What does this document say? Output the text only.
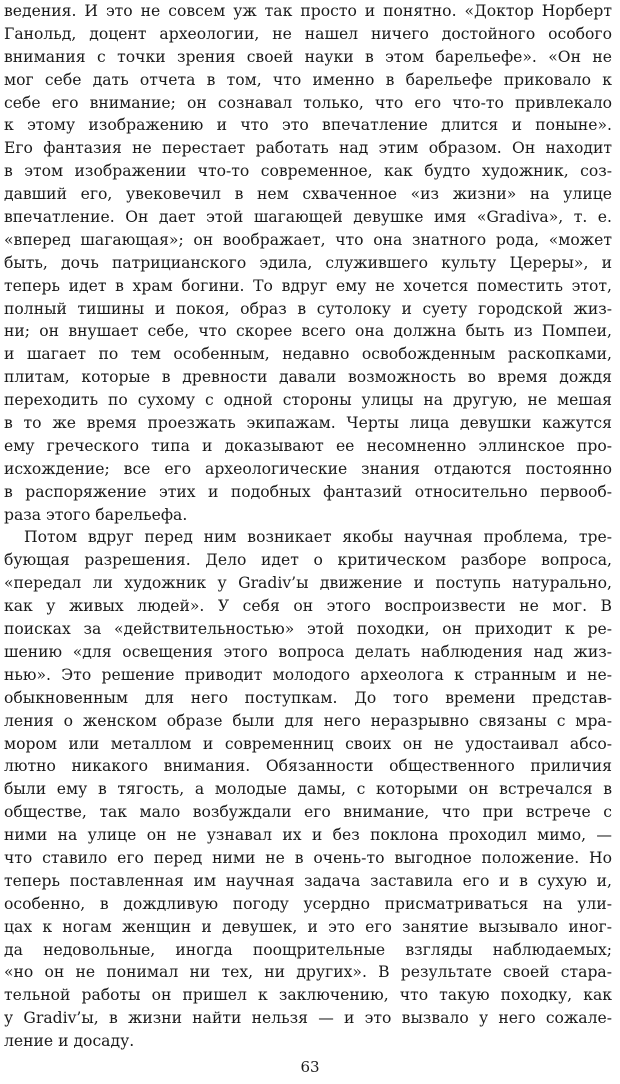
ведения. И это не совсем уж так просто и понятно. «Доктор Норберт
Ганольд, доцент археологии, не нашел ничего достойного особого
внимания с точки зрения своей науки в этом барельефе». «Он не
мог себе дать отчета в том, что именно в барельефе приковало к
себе его внимание; он сознавал только, что его что-то привлекало
к этому изображению и что это впечатление длится и поныне».
Его фантазия не перестает работать над этим образом. Он находит
в этом изображении что-то современное, как будто художник, соз-
давший его, увековечил в нем схваченное «из жизни» на улице
впечатление. Он дает этой шагающей девушке имя «Gradiva», т. е.
«вперед шагающая»; он воображает, что она знатного рода, «может
быть, дочь патрицианского эдила, служившего культу Цереры», и
теперь идет в храм богини. То вдруг ему не хочется поместить этот,
полный тишины и покоя, образ в сутолоку и суету городской жиз-
ни; он внушает себе, что скорее всего она должна быть из Помпеи,
и шагает по тем особенным, недавно освобожденным раскопками,
плитам, которые в древности давали возможность во время дождя
переходить по сухому с одной стороны улицы на другую, не мешая
в то же время проезжать экипажам. Черты лица девушки кажутся
ему греческого типа и доказывают ее несомненно эллинское про-
исхождение; все его археологические знания отдаются постоянно
в распоряжение этих и подобных фантазий относительно первооб-
раза этого барельефа.
Потом вдруг перед ним возникает якобы научная проблема, тре-
бующая разрешения. Дело идет о критическом разборе вопроса,
«передал ли художник у Gradiv’ы движение и поступь натурально,
как у живых людей». У себя он этого воспроизвести не мог. В
поисках за «действительностью» этой походки, он приходит к ре-
шению «для освещения этого вопроса делать наблюдения над жиз-
нью». Это решение приводит молодого археолога к странным и не-
обыкновенным для него поступкам. До того времени представ-
ления о женском образе были для него неразрывно связаны с мра-
мором или металлом и современниц своих он не удостаивал абсо-
лютно никакого внимания. Обязанности общественного приличия
были ему в тягость, а молодые дамы, с которыми он встречался в
обществе, так мало возбуждали его внимание, что при встрече с
ними на улице он не узнавал их и без поклона проходил мимо, —
что ставило его перед ними не в очень-то выгодное положение. Но
теперь поставленная им научная задача заставила его и в сухую и,
особенно, в дождливую погоду усердно присматриваться на ули-
цах к ногам женщин и девушек, и это его занятие вызывало иног-
да недовольные, иногда поощрительные взгляды наблюдаемых;
«но он не понимал ни тех, ни других». В результате своей стара-
тельной работы он пришел к заключению, что такую походку, как
у Gradiv’ы, в жизни найти нельзя — и это вызвало у него сожале-
ление и досаду.
63
